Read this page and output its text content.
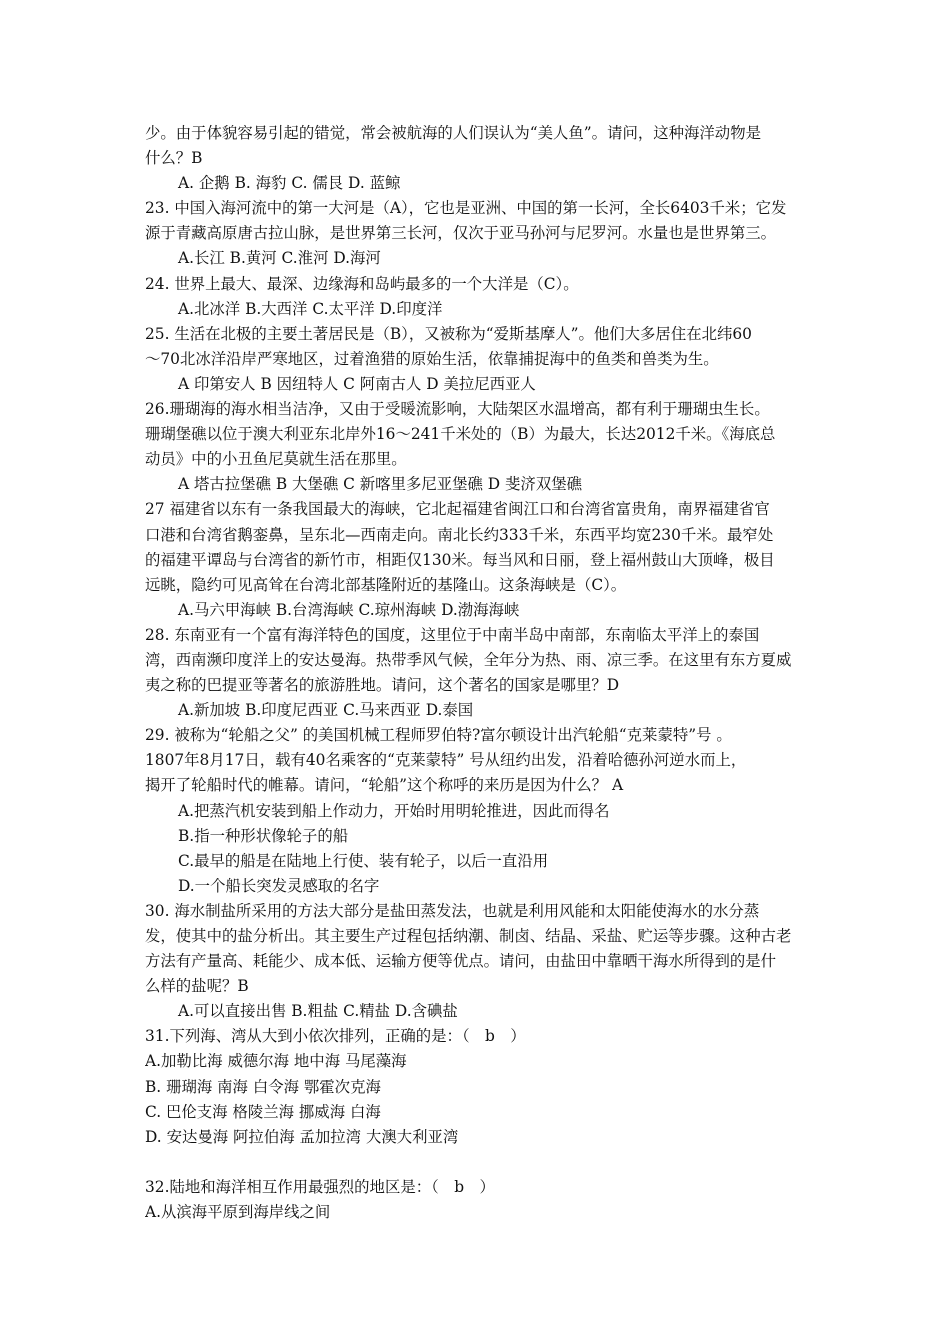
少。由于体貌容易引起的错觉，常会被航海的人们误认为“美人鱼”。请问，这种海洋动物是
什么？B
A. 企鹅 B. 海豹 C. 儒艮 D. 蓝鲸
23. 中国入海河流中的第一大河是（A），它也是亚洲、中国的第一长河，全长6403千米；它发
源于青藏高原唐古拉山脉，是世界第三长河，仅次于亚马孙河与尼罗河。水量也是世界第三。
A.长江 B.黄河 C.淮河 D.海河
24. 世界上最大、最深、边缘海和岛屿最多的一个大洋是（C）。
A.北冰洋 B.大西洋 C.太平洋 D.印度洋
25. 生活在北极的主要土著居民是（B），又被称为“爱斯基摩人”。他们大多居住在北纬60
～70北冰洋沿岸严寒地区，过着渔猎的原始生活，依靠捕捉海中的鱼类和兽类为生。
A 印第安人 B 因纽特人 C 阿南古人 D 美拉尼西亚人
26.珊瑚海的海水相当洁净，又由于受暖流影响，大陆架区水温增高，都有利于珊瑚虫生长。
珊瑚堡礁以位于澳大利亚东北岸外16～241千米处的（B）为最大，长达2012千米。《海底总
动员》中的小丑鱼尼莫就生活在那里。
A 塔古拉堡礁 B 大堡礁 C 新喀里多尼亚堡礁 D 斐济双堡礁
27 福建省以东有一条我国最大的海峡，它北起福建省闽江口和台湾省富贵角，南界福建省官
口港和台湾省鹅銮鼻，呈东北—西南走向。南北长约333千米，东西平均宽230千米。最窄处
的福建平谭岛与台湾省的新竹市，相距仅130米。每当风和日丽，登上福州鼓山大顶峰，极目
远眺，隐约可见高耸在台湾北部基隆附近的基隆山。这条海峡是（C）。
A.马六甲海峡 B.台湾海峡 C.琼州海峡 D.渤海海峡
28. 东南亚有一个富有海洋特色的国度，这里位于中南半岛中南部，东南临太平洋上的泰国
湾，西南濒印度洋上的安达曼海。热带季风气候，全年分为热、雨、凉三季。在这里有东方夏威
夷之称的巴提亚等著名的旅游胜地。请问，这个著名的国家是哪里？D
A.新加坡 B.印度尼西亚 C.马来西亚 D.泰国
29. 被称为“轮船之父” 的美国机械工程师罗伯特?富尔顿设计出汽轮船“克莱蒙特”号 。
1807年8月17日，载有40名乘客的“克莱蒙特” 号从纽约出发，沿着哈德孙河逆水而上，
揭开了轮船时代的帷幕。请问，“轮船”这个称呼的来历是因为什么？ A
A.把蒸汽机安装到船上作动力，开始时用明轮推进，因此而得名
B.指一种形状像轮子的船
C.最早的船是在陆地上行使、装有轮子，以后一直沿用
D.一个船长突发灵感取的名字
30. 海水制盐所采用的方法大部分是盐田蒸发法，也就是利用风能和太阳能使海水的水分蒸
发，使其中的盐分析出。其主要生产过程包括纳潮、制卤、结晶、采盐、贮运等步骤。这种古老
方法有产量高、耗能少、成本低、运输方便等优点。请问，由盐田中靠晒干海水所得到的是什
么样的盐呢？B
A.可以直接出售 B.粗盐 C.精盐 D.含碘盐
31.下列海、湾从大到小依次排列，正确的是：（　b　）
A.加勒比海 威德尔海 地中海 马尾藻海
B. 珊瑚海 南海 白令海 鄂霍次克海
C. 巴伦支海 格陵兰海 挪威海 白海
D. 安达曼海 阿拉伯海 孟加拉湾 大澳大利亚湾
32.陆地和海洋相互作用最强烈的地区是：（　b　）
A.从滨海平原到海岸线之间
